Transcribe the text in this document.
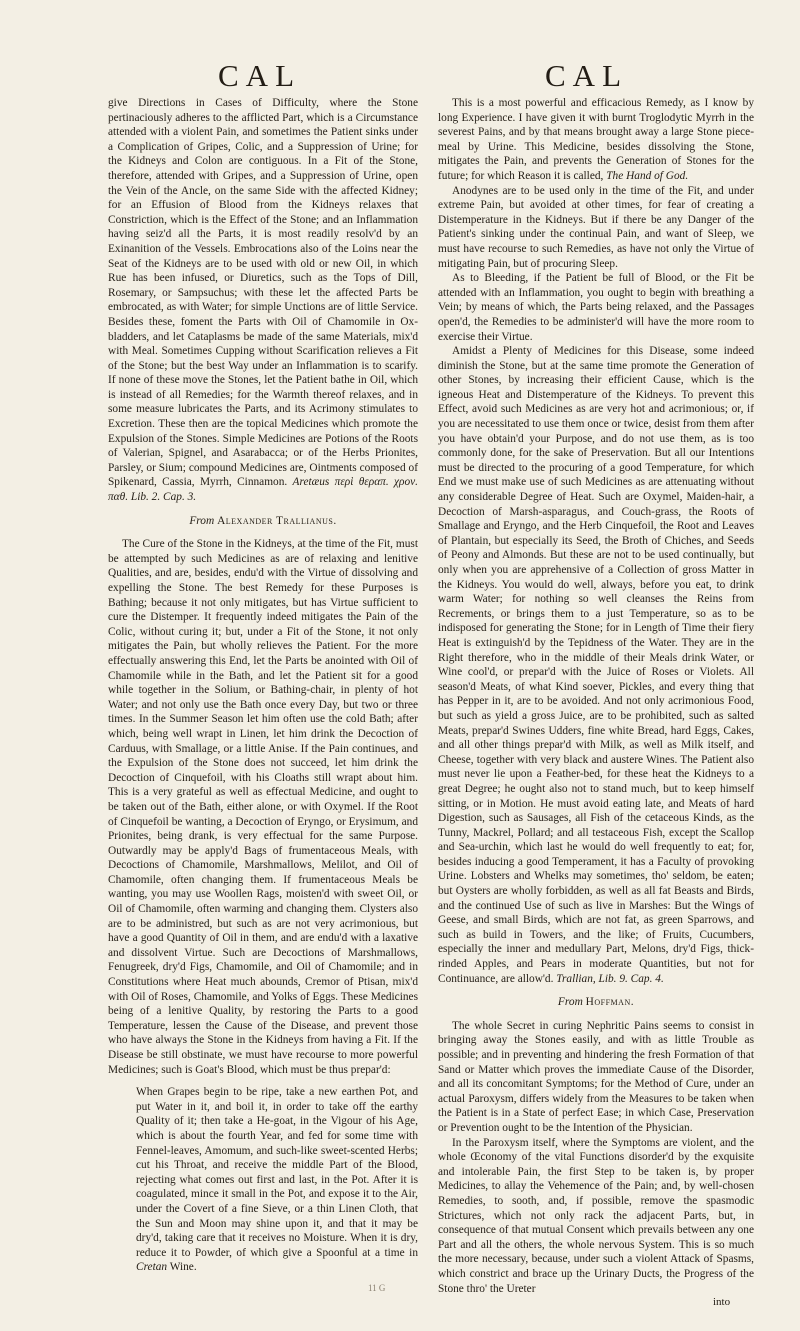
CAL	CAL

give Directions in Cases of Difficulty, where the Stone pertinaciously adheres to the afflicted Part, which is a Circumstance attended with a violent Pain, and sometimes the Patient sinks under a Complication of Gripes, Colic, and a Suppression of Urine; for the Kidneys and Colon are contiguous. In a Fit of the Stone, therefore, attended with Gripes, and a Suppression of Urine, open the Vein of the Ancle, on the same Side with the affected Kidney; for an Effusion of Blood from the Kidneys relaxes that Constriction, which is the Effect of the Stone; and an Inflammation having seiz'd all the Parts, it is most readily resolv'd by an Exinanition of the Vessels. Embrocations also of the Loins near the Seat of the Kidneys are to be used with old or new Oil, in which Rue has been infused, or Diuretics, such as the Tops of Dill, Rosemary, or Sampsuchus; with these let the affected Parts be embrocated, as with Water; for simple Unctions are of little Service. Besides these, foment the Parts with Oil of Chamomile in Ox-bladders, and let Cataplasms be made of the same Materials, mix'd with Meal. Sometimes Cupping without Scarification relieves a Fit of the Stone; but the best Way under an Inflammation is to scarify. If none of these move the Stones, let the Patient bathe in Oil, which is instead of all Remedies; for the Warmth thereof relaxes, and in some measure lubricates the Parts, and its Acrimony stimulates to Excretion. These then are the topical Medicines which promote the Expulsion of the Stones. Simple Medicines are Potions of the Roots of Valerian, Spignel, and Asarabacca; or of the Herbs Prionites, Parsley, or Sium; compound Medicines are, Ointments composed of Spikenard, Cassia, Myrrh, Cinnamon. Aretæus περὶ θεραπ. χρον. παθ. Lib. 2. Cap. 3.

From Alexander Trallianus.

The Cure of the Stone in the Kidneys, at the time of the Fit, must be attempted by such Medicines as are of relaxing and lenitive Qualities, and are, besides, endu'd with the Virtue of dissolving and expelling the Stone. The best Remedy for these Purposes is Bathing; because it not only mitigates, but has Virtue sufficient to cure the Distemper. It frequently indeed mitigates the Pain of the Colic, without curing it; but, under a Fit of the Stone, it not only mitigates the Pain, but wholly relieves the Patient. For the more effectually answering this End, let the Parts be anointed with Oil of Chamomile while in the Bath, and let the Patient sit for a good while together in the Solium, or Bathing-chair, in plenty of hot Water; and not only use the Bath once every Day, but two or three times. In the Summer Season let him often use the cold Bath; after which, being well wrapt in Linen, let him drink the Decoction of Carduus, with Smallage, or a little Anise. If the Pain continues, and the Expulsion of the Stone does not succeed, let him drink the Decoction of Cinquefoil, with his Cloaths still wrapt about him. This is a very grateful as well as effectual Medicine, and ought to be taken out of the Bath, either alone, or with Oxymel. If the Root of Cinquefoil be wanting, a Decoction of Eryngo, or Erysimum, and Prionites, being drank, is very effectual for the same Purpose. Outwardly may be apply'd Bags of frumentaceous Meals, with Decoctions of Chamomile, Marshmallows, Melilot, and Oil of Chamomile, often changing them. If frumentaceous Meals be wanting, you may use Woollen Rags, moisten'd with sweet Oil, or Oil of Chamomile, often warming and changing them. Clysters also are to be administred, but such as are not very acrimonious, but have a good Quantity of Oil in them, and are endu'd with a laxative and dissolvent Virtue. Such are Decoctions of Marshmallows, Fenugreek, dry'd Figs, Chamomile, and Oil of Chamomile; and in Constitutions where Heat much abounds, Cremor of Ptisan, mix'd with Oil of Roses, Chamomile, and Yolks of Eggs. These Medicines being of a lenitive Quality, by restoring the Parts to a good Temperature, lessen the Cause of the Disease, and prevent those who have always the Stone in the Kidneys from having a Fit. If the Disease be still obstinate, we must have recourse to more powerful Medicines; such is Goat's Blood, which must be thus prepar'd:

When Grapes begin to be ripe, take a new earthen Pot, and put Water in it, and boil it, in order to take off the earthy Quality of it; then take a He-goat, in the Vigour of his Age, which is about the fourth Year, and fed for some time with Fennel-leaves, Amomum, and such-like sweet-scented Herbs; cut his Throat, and receive the middle Part of the Blood, rejecting what comes out first and last, in the Pot. After it is coagulated, mince it small in the Pot, and expose it to the Air, under the Covert of a fine Sieve, or a thin Linen Cloth, that the Sun and Moon may shine upon it, and that it may be dry'd, taking care that it receives no Moisture. When it is dry, reduce it to Powder, of which give a Spoonful at a time in Cretan Wine.

This is a most powerful and efficacious Remedy, as I know by long Experience. I have given it with burnt Troglodytic Myrrh in the severest Pains, and by that means brought away a large Stone piece-meal by Urine. This Medicine, besides dissolving the Stone, mitigates the Pain, and prevents the Generation of Stones for the future; for which Reason it is called, The Hand of God.

Anodynes are to be used only in the time of the Fit, and under extreme Pain, but avoided at other times, for fear of creating a Distemperature in the Kidneys. But if there be any Danger of the Patient's sinking under the continual Pain, and want of Sleep, we must have recourse to such Remedies, as have not only the Virtue of mitigating Pain, but of procuring Sleep.

As to Bleeding, if the Patient be full of Blood, or the Fit be attended with an Inflammation, you ought to begin with breathing a Vein; by means of which, the Parts being relaxed, and the Passages open'd, the Remedies to be administer'd will have the more room to exercise their Virtue.

Amidst a Plenty of Medicines for this Disease, some indeed diminish the Stone, but at the same time promote the Generation of other Stones, by increasing their efficient Cause, which is the igneous Heat and Distemperature of the Kidneys. To prevent this Effect, avoid such Medicines as are very hot and acrimonious; or, if you are necessitated to use them once or twice, desist from them after you have obtain'd your Purpose, and do not use them, as is too commonly done, for the sake of Preservation. But all our Intentions must be directed to the procuring of a good Temperature, for which End we must make use of such Medicines as are attenuating without any considerable Degree of Heat. Such are Oxymel, Maiden-hair, a Decoction of Marsh-asparagus, and Couch-grass, the Roots of Smallage and Eryngo, and the Herb Cinquefoil, the Root and Leaves of Plantain, but especially its Seed, the Broth of Chiches, and Seeds of Peony and Almonds. But these are not to be used continually, but only when you are apprehensive of a Collection of gross Matter in the Kidneys. You would do well, always, before you eat, to drink warm Water; for nothing so well cleanses the Reins from Recrements, or brings them to a just Temperature, so as to be indisposed for generating the Stone; for in Length of Time their fiery Heat is extinguish'd by the Tepidness of the Water. They are in the Right therefore, who in the middle of their Meals drink Water, or Wine cool'd, or prepar'd with the Juice of Roses or Violets. All season'd Meats, of what Kind soever, Pickles, and every thing that has Pepper in it, are to be avoided. And not only acrimonious Food, but such as yield a gross Juice, are to be prohibited, such as salted Meats, prepar'd Swines Udders, fine white Bread, hard Eggs, Cakes, and all other things prepar'd with Milk, as well as Milk itself, and Cheese, together with very black and austere Wines. The Patient also must never lie upon a Feather-bed, for these heat the Kidneys to a great Degree; he ought also not to stand much, but to keep himself sitting, or in Motion. He must avoid eating late, and Meats of hard Digestion, such as Sausages, all Fish of the cetaceous Kinds, as the Tunny, Mackrel, Pollard; and all testaceous Fish, except the Scallop and Sea-urchin, which last he would do well frequently to eat; for, besides inducing a good Temperament, it has a Faculty of provoking Urine. Lobsters and Whelks may sometimes, tho' seldom, be eaten; but Oysters are wholly forbidden, as well as all fat Beasts and Birds, and the continued Use of such as live in Marshes: But the Wings of Geese, and small Birds, which are not fat, as green Sparrows, and such as build in Towers, and the like; of Fruits, Cucumbers, especially the inner and medullary Part, Melons, dry'd Figs, thick-rinded Apples, and Pears in moderate Quantities, but not for Continuance, are allow'd. Trallian, Lib. 9. Cap. 4.

From Hoffman.

The whole Secret in curing Nephritic Pains seems to consist in bringing away the Stones easily, and with as little Trouble as possible; and in preventing and hindering the fresh Formation of that Sand or Matter which proves the immediate Cause of the Disorder, and all its concomitant Symptoms; for the Method of Cure, under an actual Paroxysm, differs widely from the Measures to be taken when the Patient is in a State of perfect Ease; in which Case, Preservation or Prevention ought to be the Intention of the Physician.

In the Paroxysm itself, where the Symptoms are violent, and the whole Œconomy of the vital Functions disorder'd by the exquisite and intolerable Pain, the first Step to be taken is, by proper Medicines, to allay the Vehemence of the Pain; and, by well-chosen Remedies, to sooth, and, if possible, remove the spasmodic Strictures, which not only rack the adjacent Parts, but, in consequence of that mutual Consent which prevails between any one Part and all the others, the whole nervous System. This is so much the more necessary, because, under such a violent Attack of Spasms, which constrict and brace up the Urinary Ducts, the Progress of the Stone thro' the Ureter

11 G
into
